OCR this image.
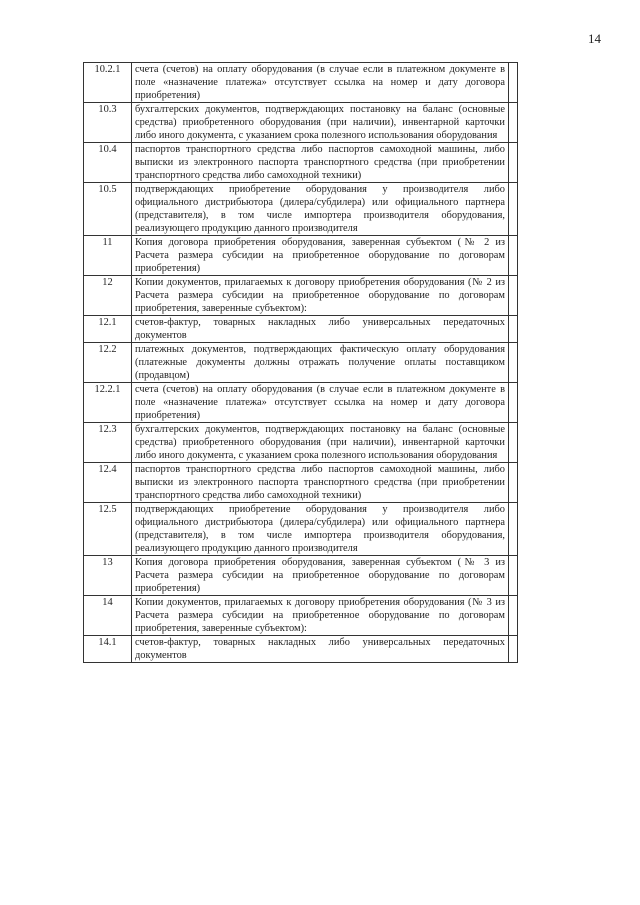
14
10.2.1	счета (счетов) на оплату оборудования (в случае если в платежном документе в поле «назначение платежа» отсутствует ссылка на номер и дату договора приобретения)	
10.3	бухгалтерских документов, подтверждающих постановку на баланс (основные средства) приобретенного оборудования (при наличии), инвентарной карточки либо иного документа, с указанием срока полезного использования оборудования	
10.4	паспортов транспортного средства либо паспортов самоходной машины, либо выписки из электронного паспорта транспортного средства (при приобретении транспортного средства либо самоходной техники)	
10.5	подтверждающих приобретение оборудования у производителя либо официального дистрибьютора (дилера/субдилера) или официального партнера (представителя), в том числе импортера производителя оборудования, реализующего продукцию данного производителя	
11	Копия договора приобретения оборудования, заверенная субъектом (№ 2 из Расчета размера субсидии на приобретенное оборудование по договорам приобретения)	
12	Копии документов, прилагаемых к договору приобретения оборудования (№ 2 из Расчета размера субсидии на приобретенное оборудование по договорам приобретения, заверенные субъектом):	
12.1	счетов-фактур, товарных накладных либо универсальных передаточных документов	
12.2	платежных документов, подтверждающих фактическую оплату оборудования (платежные документы должны отражать получение оплаты поставщиком (продавцом)	
12.2.1	счета (счетов) на оплату оборудования (в случае если в платежном документе в поле «назначение платежа» отсутствует ссылка на номер и дату договора приобретения)	
12.3	бухгалтерских документов, подтверждающих постановку на баланс (основные средства) приобретенного оборудования (при наличии), инвентарной карточки либо иного документа, с указанием срока полезного использования оборудования	
12.4	паспортов транспортного средства либо паспортов самоходной машины, либо выписки из электронного паспорта транспортного средства (при приобретении транспортного средства либо самоходной техники)	
12.5	подтверждающих приобретение оборудования у производителя либо официального дистрибьютора (дилера/субдилера) или официального партнера (представителя), в том числе импортера производителя оборудования, реализующего продукцию данного производителя	
13	Копия договора приобретения оборудования, заверенная субъектом (№ 3 из Расчета размера субсидии на приобретенное оборудование по договорам приобретения)	
14	Копии документов, прилагаемых к договору приобретения оборудования (№ 3 из Расчета размера субсидии на приобретенное оборудование по договорам приобретения, заверенные субъектом):	
14.1	счетов-фактур, товарных накладных либо универсальных передаточных документов	
